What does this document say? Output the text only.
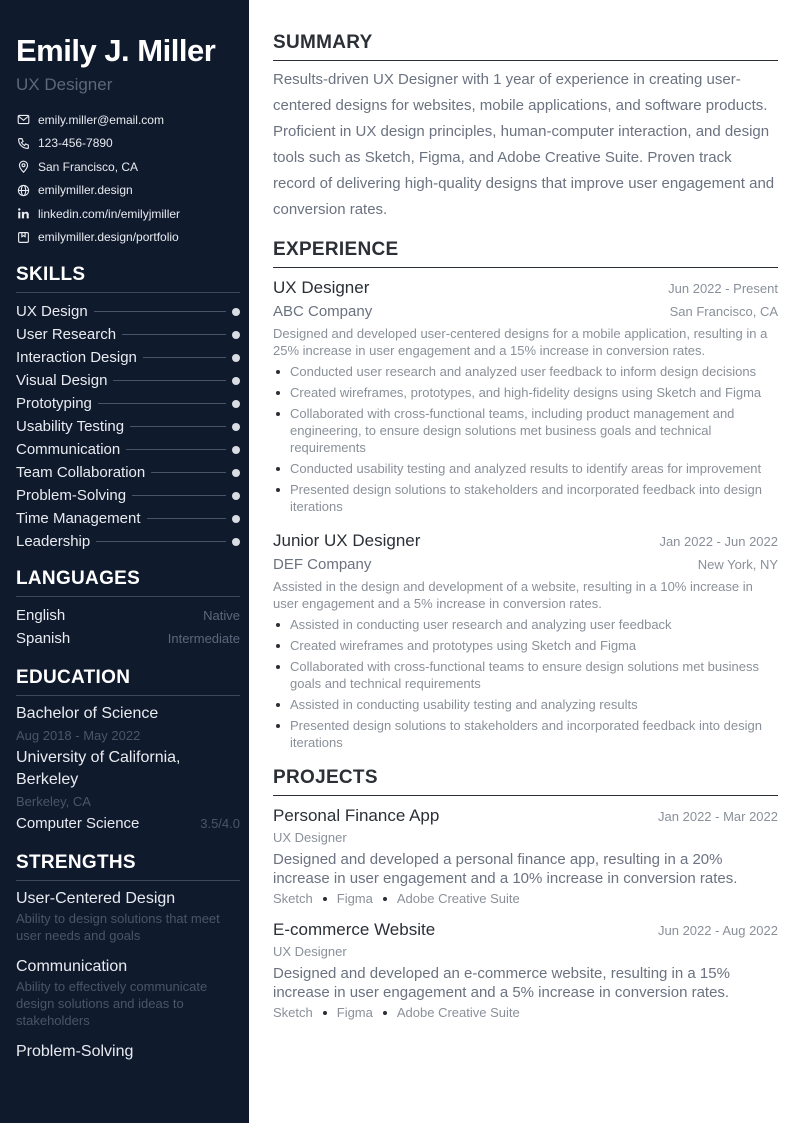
Emily J. Miller
UX Designer
emily.miller@email.com
123-456-7890
San Francisco, CA
emilymiller.design
linkedin.com/in/emilyjmiller
emilymiller.design/portfolio
SKILLS
UX Design
User Research
Interaction Design
Visual Design
Prototyping
Usability Testing
Communication
Team Collaboration
Problem-Solving
Time Management
Leadership
LANGUAGES
English	Native
Spanish	Intermediate
EDUCATION
Bachelor of Science
Aug 2018 - May 2022
University of California, Berkeley
Berkeley, CA
Computer Science	3.5/4.0
STRENGTHS
User-Centered Design
Ability to design solutions that meet user needs and goals
Communication
Ability to effectively communicate design solutions and ideas to stakeholders
Problem-Solving
SUMMARY

Results-driven UX Designer with 1 year of experience in creating user-centered designs for websites, mobile applications, and software products. Proficient in UX design principles, human-computer interaction, and design tools such as Sketch, Figma, and Adobe Creative Suite. Proven track record of delivering high-quality designs that improve user engagement and conversion rates.

EXPERIENCE
UX Designer	Jun 2022 - Present
ABC Company	San Francisco, CA

Designed and developed user-centered designs for a mobile application, resulting in a 25% increase in user engagement and a 15% increase in conversion rates.

Conducted user research and analyzed user feedback to inform design decisions
Created wireframes, prototypes, and high-fidelity designs using Sketch and Figma
Collaborated with cross-functional teams, including product management and engineering, to ensure design solutions met business goals and technical requirements
Conducted usability testing and analyzed results to identify areas for improvement
Presented design solutions to stakeholders and incorporated feedback into design iterations
Junior UX Designer	Jan 2022 - Jun 2022
DEF Company	New York, NY

Assisted in the design and development of a website, resulting in a 10% increase in user engagement and a 5% increase in conversion rates.

Assisted in conducting user research and analyzing user feedback
Created wireframes and prototypes using Sketch and Figma
Collaborated with cross-functional teams to ensure design solutions met business goals and technical requirements
Assisted in conducting usability testing and analyzing results
Presented design solutions to stakeholders and incorporated feedback into design iterations
PROJECTS
Personal Finance App	Jan 2022 - Mar 2022
UX Designer

Designed and developed a personal finance app, resulting in a 20% increase in user engagement and a 10% increase in conversion rates.

Sketch Figma Adobe Creative Suite
E-commerce Website	Jun 2022 - Aug 2022
UX Designer

Designed and developed an e-commerce website, resulting in a 15% increase in user engagement and a 5% increase in conversion rates.

Sketch Figma Adobe Creative Suite
